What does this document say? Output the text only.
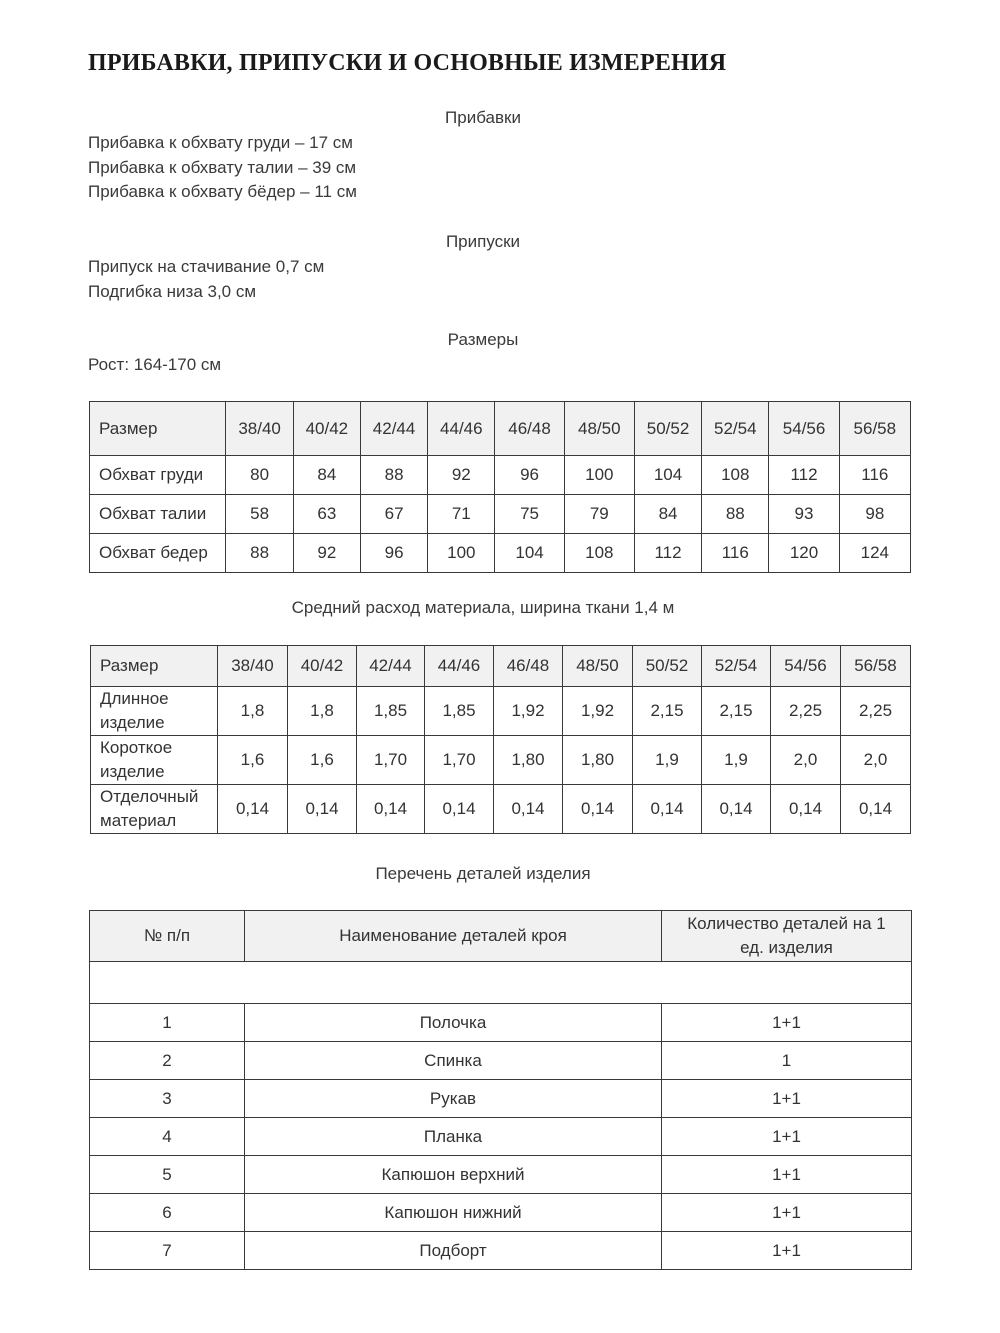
ПРИБАВКИ, ПРИПУСКИ И ОСНОВНЫЕ ИЗМЕРЕНИЯ

Прибавки

Прибавка к обхвату груди – 17 см

Прибавка к обхвату талии – 39 см

Прибавка к обхвату бёдер – 11 см

Припуски

Припуск на стачивание 0,7 см

Подгибка низа 3,0 см

Размеры

Рост: 164-170 см

Размер	38/40	40/42	42/44	44/46	46/48	48/50	50/52	52/54	54/56	56/58
Обхват груди	80	84	88	92	96	100	104	108	112	116
Обхват талии	58	63	67	71	75	79	84	88	93	98
Обхват бедер	88	92	96	100	104	108	112	116	120	124

Средний расход материала, ширина ткани 1,4 м

Размер	38/40	40/42	42/44	44/46	46/48	48/50	50/52	52/54	54/56	56/58
Длинное
изделие	1,8	1,8	1,85	1,85	1,92	1,92	2,15	2,15	2,25	2,25
Короткое
изделие	1,6	1,6	1,70	1,70	1,80	1,80	1,9	1,9	2,0	2,0
Отделочный
материал	0,14	0,14	0,14	0,14	0,14	0,14	0,14	0,14	0,14	0,14

Перечень деталей изделия

№ п/п	Наименование деталей кроя	Количество деталей на 1
ед. изделия

1	Полочка	1+1
2	Спинка	1
3	Рукав	1+1
4	Планка	1+1
5	Капюшон верхний	1+1
6	Капюшон нижний	1+1
7	Подборт	1+1
